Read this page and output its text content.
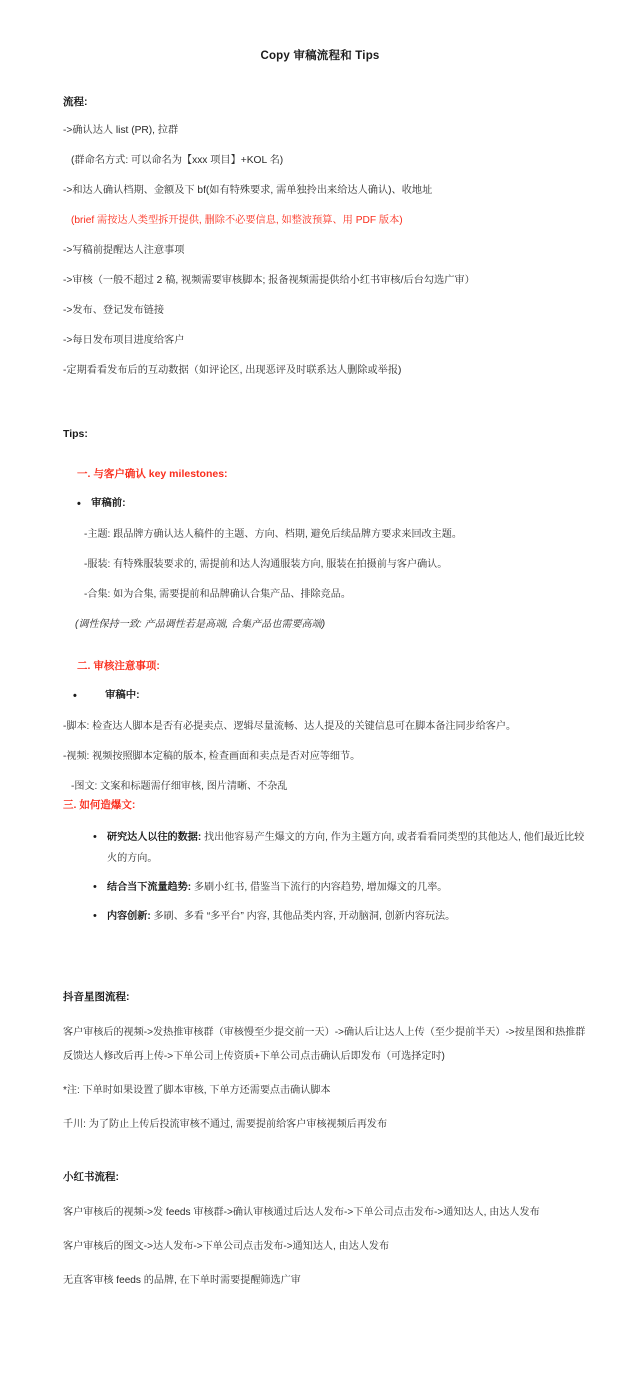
Copy 审稿流程和 Tips
流程:
->确认达人 list (PR), 拉群
(群命名方式: 可以命名为【xxx 项目】+KOL 名)
->和达人确认档期、金额及下 bf(如有特殊要求, 需单独拎出来给达人确认)、收地址
(brief 需按达人类型拆开提供, 删除不必要信息, 如整波预算、用 PDF 版本)
->写稿前提醒达人注意事项
->审核（一般不超过 2 稿, 视频需要审核脚本; 报备视频需提供给小红书审核/后台勾选广审）
->发布、登记发布链接
->每日发布项目进度给客户
-定期看看发布后的互动数据（如评论区, 出现恶评及时联系达人删除或举报)
Tips:
一. 与客户确认 key milestones:
• 审稿前:
-主题: 跟品牌方确认达人稿件的主题、方向、档期, 避免后续品牌方要求来回改主题。
-服装: 有特殊服装要求的, 需提前和达人沟通服装方向, 服装在拍摄前与客户确认。
-合集: 如为合集, 需要提前和品牌确认合集产品、排除竞品。
(调性保持一致: 产品调性若是高端, 合集产品也需要高端)
二. 审核注意事项:
• 审稿中:
-脚本: 检查达人脚本是否有必提卖点、逻辑尽量流畅、达人提及的关键信息可在脚本备注同步给客户。
-视频: 视频按照脚本定稿的版本, 检查画面和卖点是否对应等细节。
-图文: 文案和标题需仔细审核, 图片清晰、不杂乱
三. 如何造爆文:
• 研究达人以往的数据: 找出他容易产生爆文的方向, 作为主题方向, 或者看看同类型的其他达人, 他们最近比较火的方向。
• 结合当下流量趋势: 多刷小红书, 借鉴当下流行的内容趋势, 增加爆文的几率。
• 内容创新: 多刷、多看 “多平台” 内容, 其他品类内容, 开动脑洞, 创新内容玩法。
抖音星图流程:
客户审核后的视频->发热推审核群（审核慢至少提交前一天）->确认后让达人上传（至少提前半天）->按星图和热推群反馈达人修改后再上传->下单公司上传资质+下单公司点击确认后即发布（可选择定时)
*注: 下单时如果设置了脚本审核, 下单方还需要点击确认脚本
千川: 为了防止上传后投流审核不通过, 需要提前给客户审核视频后再发布
小红书流程:
客户审核后的视频->发 feeds 审核群->确认审核通过后达人发布->下单公司点击发布->通知达人, 由达人发布
客户审核后的图文->达人发布->下单公司点击发布->通知达人, 由达人发布
无直客审核 feeds 的品牌, 在下单时需要提醒筛选广审
